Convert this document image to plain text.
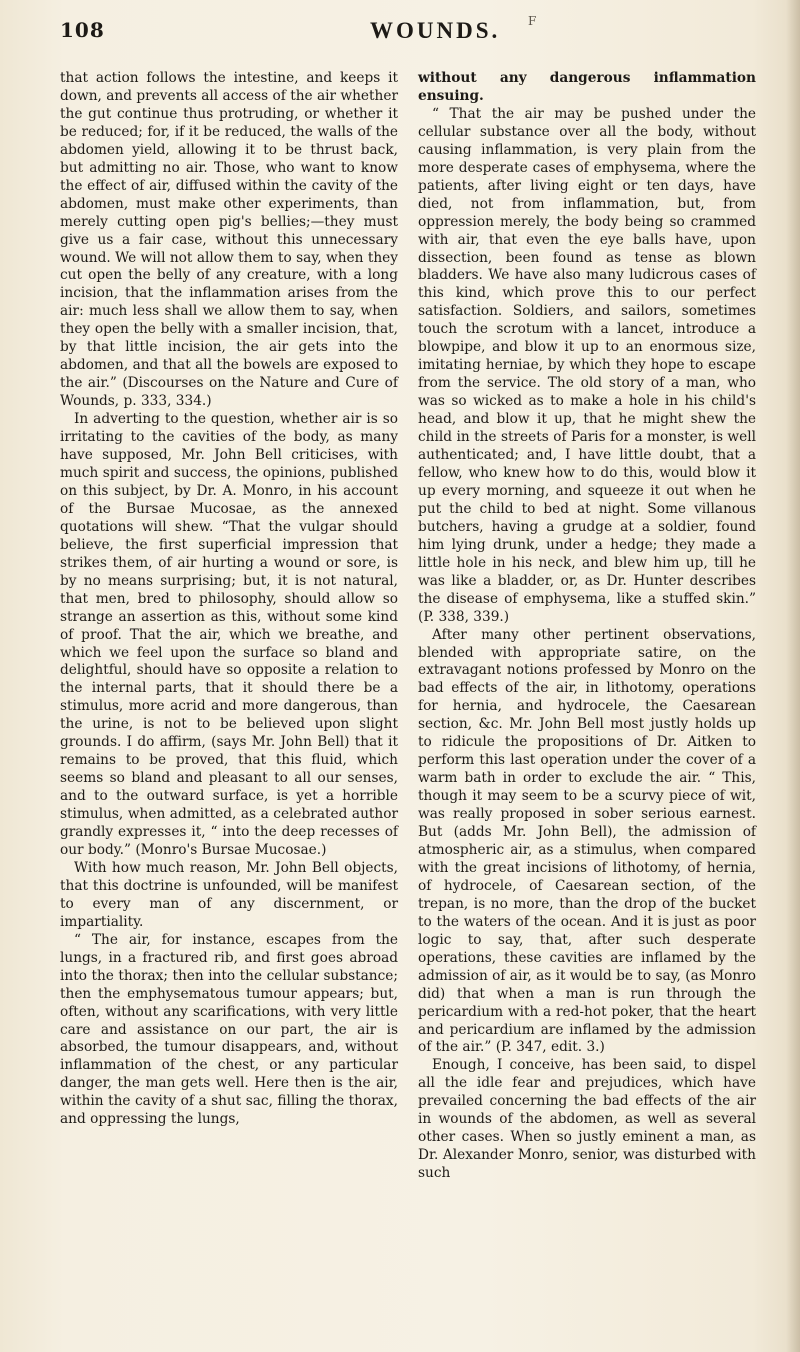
108	WOUNDS. F

that action follows the intestine, and keeps it down, and prevents all access of the air whether the gut continue thus protruding, or whether it be reduced; for, if it be reduced, the walls of the abdomen yield, allowing it to be thrust back, but admitting no air. Those, who want to know the effect of air, diffused within the cavity of the abdomen, must make other experiments, than merely cutting open pig's bellies;—they must give us a fair case, without this unnecessary wound. We will not allow them to say, when they cut open the belly of any creature, with a long incision, that the inflammation arises from the air: much less shall we allow them to say, when they open the belly with a smaller incision, that, by that little incision, the air gets into the abdomen, and that all the bowels are exposed to the air.” (Discourses on the Nature and Cure of Wounds, p. 333, 334.)

In adverting to the question, whether air is so irritating to the cavities of the body, as many have supposed, Mr. John Bell criticises, with much spirit and success, the opinions, published on this subject, by Dr. A. Monro, in his account of the Bursae Mucosae, as the annexed quotations will shew. “That the vulgar should believe, the first superficial impression that strikes them, of air hurting a wound or sore, is by no means surprising; but, it is not natural, that men, bred to philosophy, should allow so strange an assertion as this, without some kind of proof. That the air, which we breathe, and which we feel upon the surface so bland and delightful, should have so opposite a relation to the internal parts, that it should there be a stimulus, more acrid and more dangerous, than the urine, is not to be believed upon slight grounds. I do affirm, (says Mr. John Bell) that it remains to be proved, that this fluid, which seems so bland and pleasant to all our senses, and to the outward surface, is yet a horrible stimulus, when admitted, as a celebrated author grandly expresses it, “ into the deep recesses of our body.” (Monro's Bursae Mucosae.)

With how much reason, Mr. John Bell objects, that this doctrine is unfounded, will be manifest to every man of any discernment, or impartiality.

“ The air, for instance, escapes from the lungs, in a fractured rib, and first goes abroad into the thorax; then into the cellular substance; then the emphysematous tumour appears; but, often, without any scarifications, with very little care and assistance on our part, the air is absorbed, the tumour disappears, and, without inflammation of the chest, or any particular danger, the man gets well. Here then is the air, within the cavity of a shut sac, filling the thorax, and oppressing the lungs,

without any dangerous inflammation ensuing.

“ That the air may be pushed under the cellular substance over all the body, without causing inflammation, is very plain from the more desperate cases of emphysema, where the patients, after living eight or ten days, have died, not from inflammation, but, from oppression merely, the body being so crammed with air, that even the eye balls have, upon dissection, been found as tense as blown bladders. We have also many ludicrous cases of this kind, which prove this to our perfect satisfaction. Soldiers, and sailors, sometimes touch the scrotum with a lancet, introduce a blowpipe, and blow it up to an enormous size, imitating herniae, by which they hope to escape from the service. The old story of a man, who was so wicked as to make a hole in his child's head, and blow it up, that he might shew the child in the streets of Paris for a monster, is well authenticated; and, I have little doubt, that a fellow, who knew how to do this, would blow it up every morning, and squeeze it out when he put the child to bed at night. Some villanous butchers, having a grudge at a soldier, found him lying drunk, under a hedge; they made a little hole in his neck, and blew him up, till he was like a bladder, or, as Dr. Hunter describes the disease of emphysema, like a stuffed skin.” (P. 338, 339.)

After many other pertinent observations, blended with appropriate satire, on the extravagant notions professed by Monro on the bad effects of the air, in lithotomy, operations for hernia, and hydrocele, the Caesarean section, &c. Mr. John Bell most justly holds up to ridicule the propositions of Dr. Aitken to perform this last operation under the cover of a warm bath in order to exclude the air. “ This, though it may seem to be a scurvy piece of wit, was really proposed in sober serious earnest. But (adds Mr. John Bell), the admission of atmospheric air, as a stimulus, when compared with the great incisions of lithotomy, of hernia, of hydrocele, of Caesarean section, of the trepan, is no more, than the drop of the bucket to the waters of the ocean. And it is just as poor logic to say, that, after such desperate operations, these cavities are inflamed by the admission of air, as it would be to say, (as Monro did) that when a man is run through the pericardium with a red-hot poker, that the heart and pericardium are inflamed by the admission of the air.” (P. 347, edit. 3.)

Enough, I conceive, has been said, to dispel all the idle fear and prejudices, which have prevailed concerning the bad effects of the air in wounds of the abdomen, as well as several other cases. When so justly eminent a man, as Dr. Alexander Monro, senior, was disturbed with such
